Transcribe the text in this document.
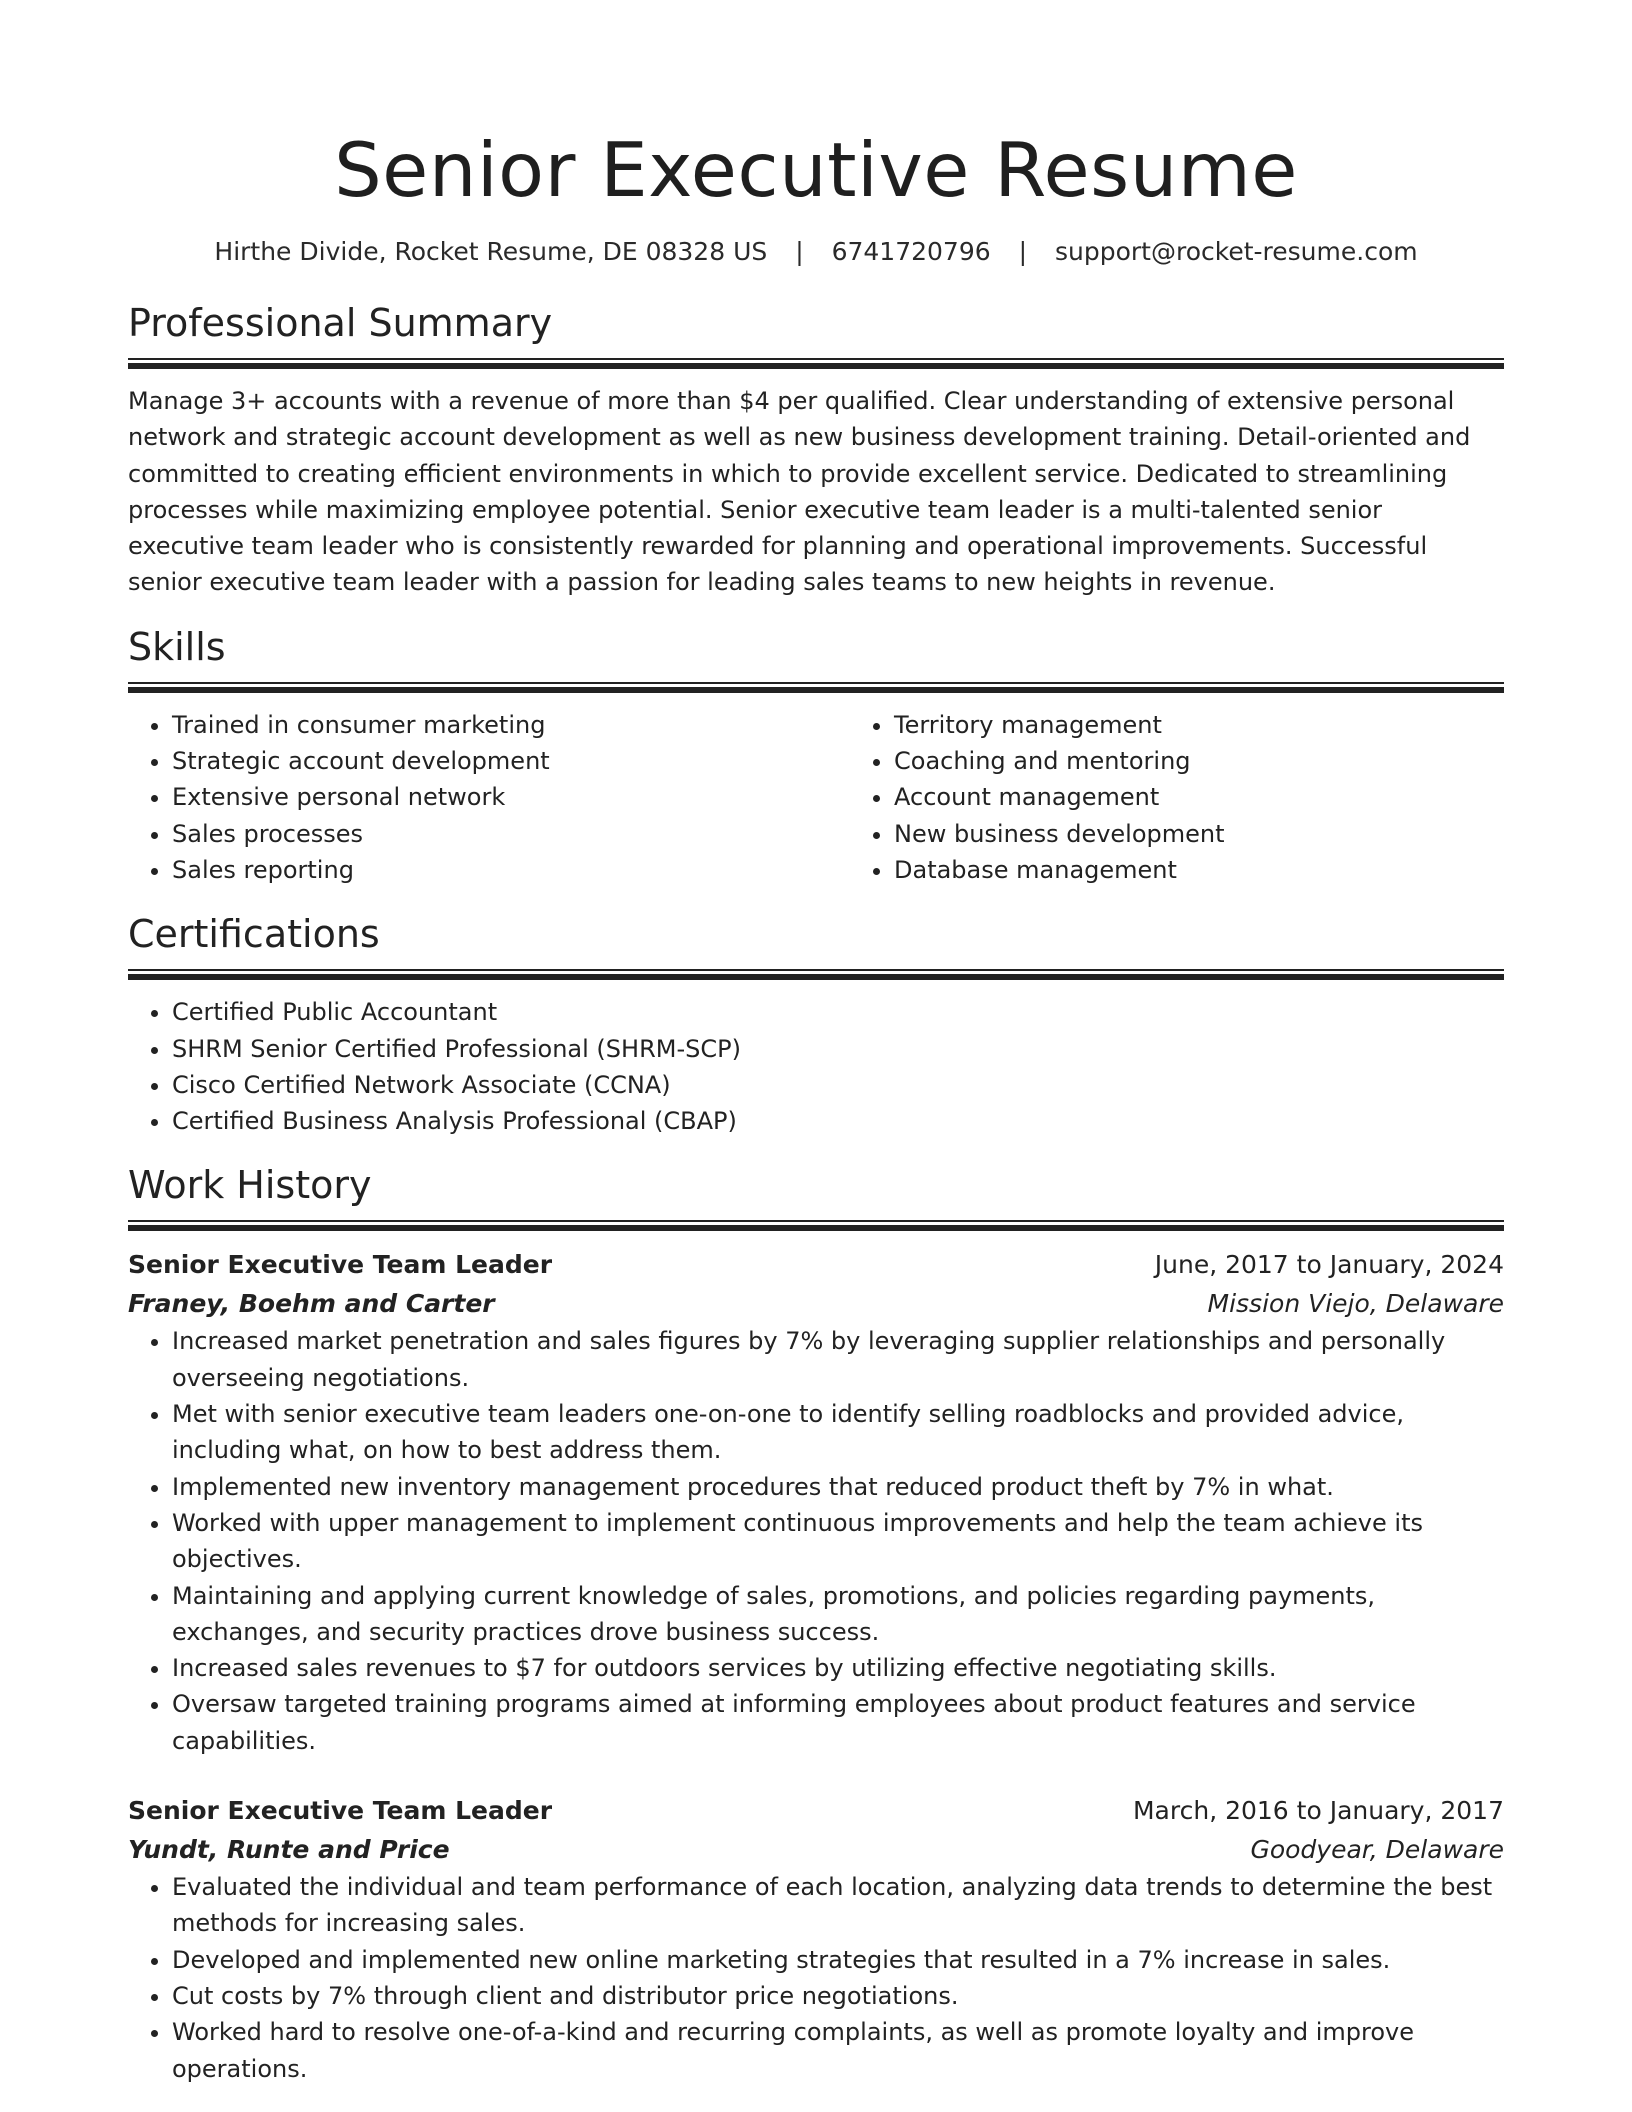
Senior Executive Resume
Hirthe Divide, Rocket Resume, DE 08328 US | 6741720796 | support@rocket-resume.com
Professional Summary

Manage 3+ accounts with a revenue of more than $4 per qualified. Clear understanding of extensive personal network and strategic account development as well as new business development training. Detail-oriented and committed to creating efficient environments in which to provide excellent service. Dedicated to streamlining processes while maximizing employee potential. Senior executive team leader is a multi-talented senior executive team leader who is consistently rewarded for planning and operational improvements. Successful senior executive team leader with a passion for leading sales teams to new heights in revenue.

Skills
• Trained in consumer marketing
• Strategic account development
• Extensive personal network
• Sales processes
• Sales reporting
• Territory management
• Coaching and mentoring
• Account management
• New business development
• Database management
Certifications
• Certified Public Accountant
• SHRM Senior Certified Professional (SHRM-SCP)
• Cisco Certified Network Associate (CCNA)
• Certified Business Analysis Professional (CBAP)
Work History
Senior Executive Team Leader	June, 2017 to January, 2024
Franey, Boehm and Carter	Mission Viejo, Delaware
• Increased market penetration and sales figures by 7% by leveraging supplier relationships and personally overseeing negotiations.
• Met with senior executive team leaders one-on-one to identify selling roadblocks and provided advice, including what, on how to best address them.
• Implemented new inventory management procedures that reduced product theft by 7% in what.
• Worked with upper management to implement continuous improvements and help the team achieve its objectives.
• Maintaining and applying current knowledge of sales, promotions, and policies regarding payments, exchanges, and security practices drove business success.
• Increased sales revenues to $7 for outdoors services by utilizing effective negotiating skills.
• Oversaw targeted training programs aimed at informing employees about product features and service capabilities.
Senior Executive Team Leader	March, 2016 to January, 2017
Yundt, Runte and Price	Goodyear, Delaware
• Evaluated the individual and team performance of each location, analyzing data trends to determine the best methods for increasing sales.
• Developed and implemented new online marketing strategies that resulted in a 7% increase in sales.
• Cut costs by 7% through client and distributor price negotiations.
• Worked hard to resolve one-of-a-kind and recurring complaints, as well as promote loyalty and improve operations.
